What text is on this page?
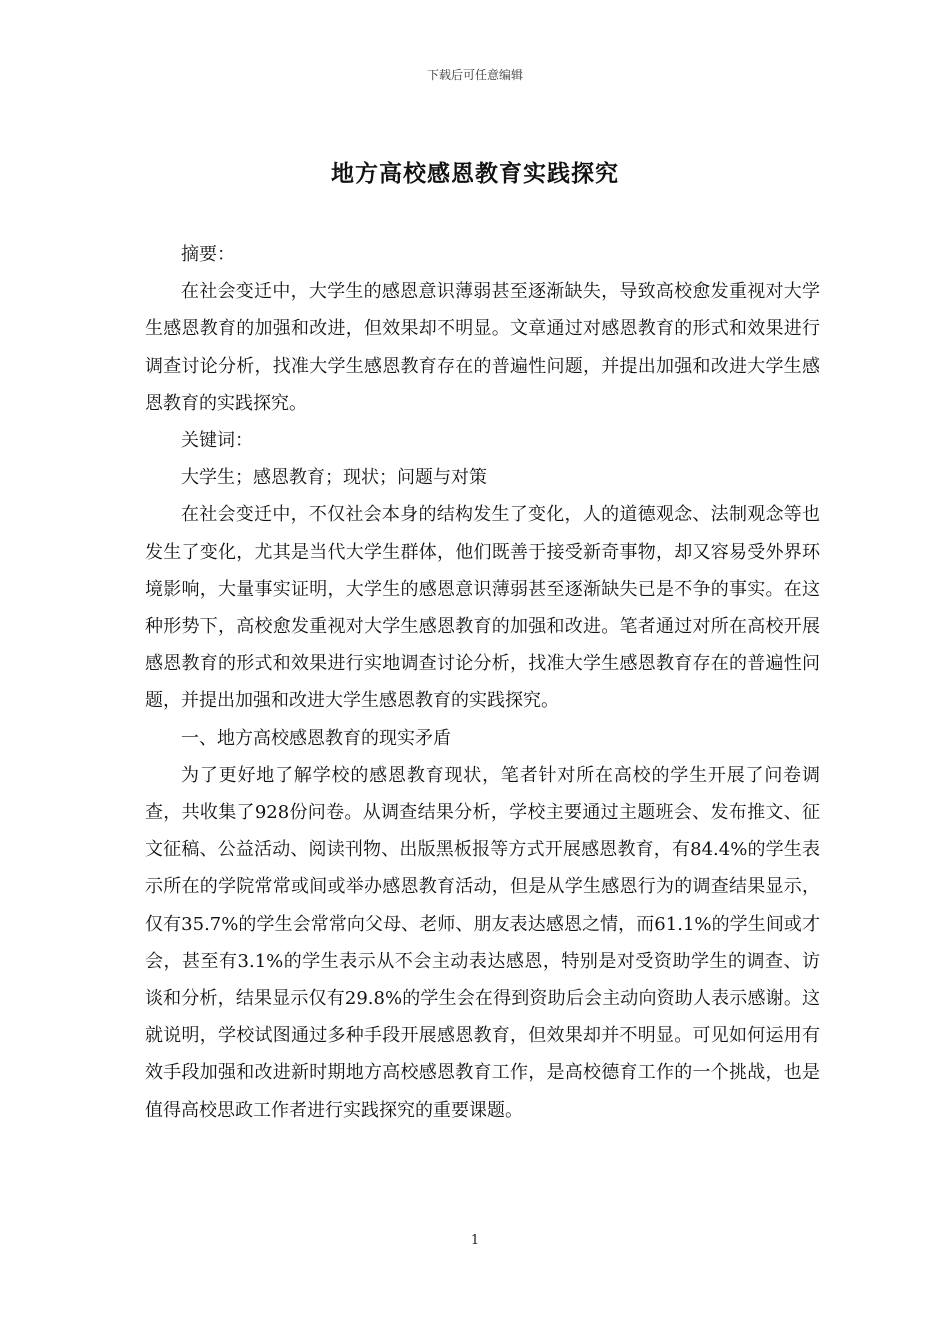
下载后可任意编辑
地方高校感恩教育实践探究

摘要：

在社会变迁中，大学生的感恩意识薄弱甚至逐渐缺失，导致高校愈发重视对大学生感恩教育的加强和改进，但效果却不明显。文章通过对感恩教育的形式和效果进行调查讨论分析，找准大学生感恩教育存在的普遍性问题，并提出加强和改进大学生感恩教育的实践探究。

关键词：

大学生；感恩教育；现状；问题与对策

在社会变迁中，不仅社会本身的结构发生了变化，人的道德观念、法制观念等也发生了变化，尤其是当代大学生群体，他们既善于接受新奇事物，却又容易受外界环境影响，大量事实证明，大学生的感恩意识薄弱甚至逐渐缺失已是不争的事实。在这种形势下，高校愈发重视对大学生感恩教育的加强和改进。笔者通过对所在高校开展感恩教育的形式和效果进行实地调查讨论分析，找准大学生感恩教育存在的普遍性问题，并提出加强和改进大学生感恩教育的实践探究。

一、地方高校感恩教育的现实矛盾

为了更好地了解学校的感恩教育现状，笔者针对所在高校的学生开展了问卷调查，共收集了928份问卷。从调查结果分析，学校主要通过主题班会、发布推文、征文征稿、公益活动、阅读刊物、出版黑板报等方式开展感恩教育，有84.4%的学生表示所在的学院常常或间或举办感恩教育活动，但是从学生感恩行为的调查结果显示，仅有35.7%的学生会常常向父母、老师、朋友表达感恩之情，而61.1%的学生间或才会，甚至有3.1%的学生表示从不会主动表达感恩，特别是对受资助学生的调查、访谈和分析，结果显示仅有29.8%的学生会在得到资助后会主动向资助人表示感谢。这就说明，学校试图通过多种手段开展感恩教育，但效果却并不明显。可见如何运用有效手段加强和改进新时期地方高校感恩教育工作，是高校德育工作的一个挑战，也是值得高校思政工作者进行实践探究的重要课题。

1
